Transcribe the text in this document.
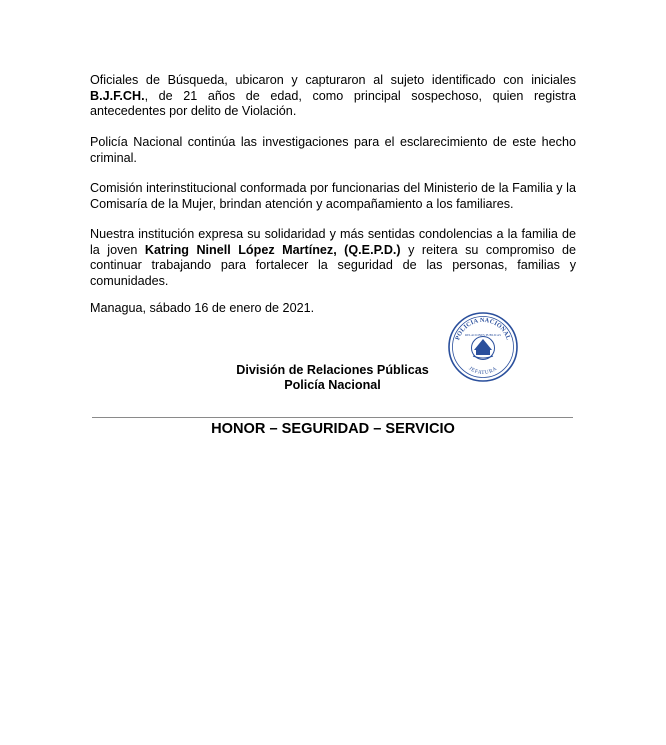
Oficiales de Búsqueda, ubicaron y capturaron al sujeto identificado con iniciales B.J.F.CH., de 21 años de edad, como principal sospechoso, quien registra antecedentes por delito de Violación.

Policía Nacional continúa las investigaciones para el esclarecimiento de este hecho criminal.

Comisión interinstitucional conformada por funcionarias del Ministerio de la Familia y la Comisaría de la Mujer, brindan atención y acompañamiento a los familiares.

Nuestra institución expresa su solidaridad y más sentidas condolencias a la familia de la joven Katring Ninell López Martínez, (Q.E.P.D.) y reitera su compromiso de continuar trabajando para fortalecer la seguridad de las personas, familias y comunidades.

Managua, sábado 16 de enero de 2021.

POLICIA NACIONAL
JEFATURA
RELACIONES PUBLICAS

División de Relaciones Públicas

Policía Nacional

HONOR – SEGURIDAD – SERVICIO
